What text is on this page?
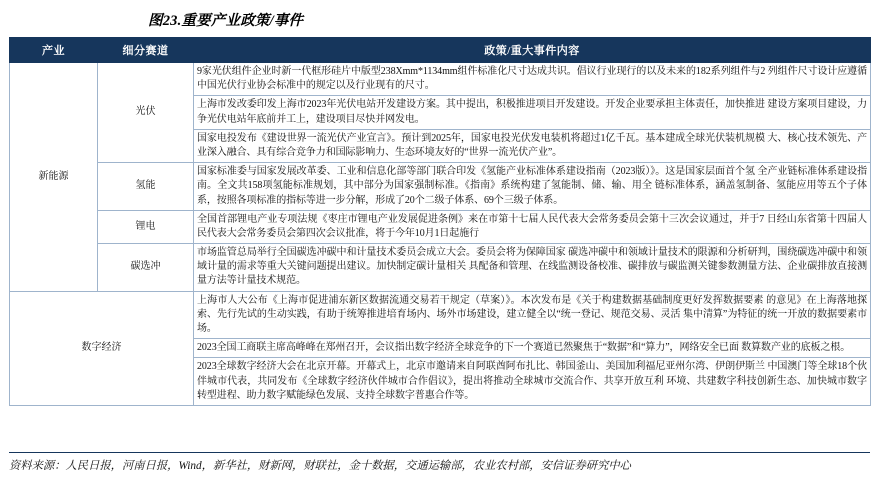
图23.重要产业政策/事件
产业	细分赛道	政策/重大事件内容
新能源	光伏	9家光伏组件企业时新一代框形硅片中版型238Xmm*1134mm组件标准化尺寸达成共识。倡议行业现行的以及未来的182系列组件与2 列组件尺寸设计应遵循中国光伏行业协会标准中的规定以及行业现有的尺寸。

		上海市发改委印发上海市2023年光伏电站开发建设方案。其中提出，积极推进项目开发建设。开发企业要承担主体责任，加快推进 建设方案项目建设，力争光伏电站年底前并工上，建设项目尽快并网发电。

		国家电投发布《建设世界一流光伏产业宣言》。预计到2025年，国家电投光伏发电装机将超过1亿千瓦。基本建成全球光伏装机规模 大、核心技术领先、产业深入融合、具有综合竞争力和国际影响力、生态环境友好的“世界一流光伏产业”。

	氢能	国家标准委与国家发展改革委、工业和信息化部等部门联合印发《氢能产业标准体系建设指南（2023版）》。这是国家层面首个氢 全产业链标准体系建设指南。全文共158项氢能标准规划，其中部分为国家强制标准。《指南》系统构建了氢能制、储、输、用全 链标准体系，涵盖氢制备、氢能应用等五个子体系，按照各项标准的指标等进一步分解，形成了20个二级子体系、69个三级子体系。

	锂电	全国首部锂电产业专项法规《枣庄市锂电产业发展促进条例》来在市第十七届人民代表大会常务委员会第十三次会议通过，并于7 日经山东省第十四届人民代表大会常务委员会第四次会议批准，将于今年10月1日起施行

	碳选冲	市场监管总局举行全国碳选冲碳中和计量技术委员会成立大会。委员会将为保障国家 碳选冲碳中和领域计量技术的限源和分析研判，围绕碳选冲碳中和领域计量的需求等重大关键问题提出建议。加快制定碳计量相关 具配备和管理、在线监测设备校准、碳排放与碳监测关键参数测量方法、企业碳排放直接测量方法等计量技术规范。

数字经济		上海市人大公布《上海市促进浦东新区数据流通交易若干规定（草案）》。本次发布是《关于构建数据基础制度更好发挥数据要素 的意见》在上海落地探索、先行先试的生动实践，有助于统筹推进培育场内、场外市场建设，建立健全以“统一登记、规范交易、灵活 集中清算”为特征的统一开放的数据要素市场。

		2023全国工商联主席高峰峰在郑州召开，会议指出数字经济全球竞争的下一个赛道已然聚焦于“数据”和“算力”，网络安全已面 数算数产业的底板之根。

		2023全球数字经济大会在北京开幕。开幕式上，北京市邀请来自阿联酋阿布扎比、韩国釜山、美国加利福尼亚州尔湾、伊朗伊斯兰 中国澳门等全球18个伙伴城市代表，共同发布《全球数字经济伙伴城市合作倡议》，提出将推动全球城市交流合作、共享开放互利 环境、共建数字科技创新生态、加快城市数字转型进程、助力数字赋能绿色发展、支持全球数字普惠合作等。
资料来源：人民日报，河南日报，Wind，新华社，财新网，财联社，金十数据，交通运输部，农业农村部，安信证券研究中心
